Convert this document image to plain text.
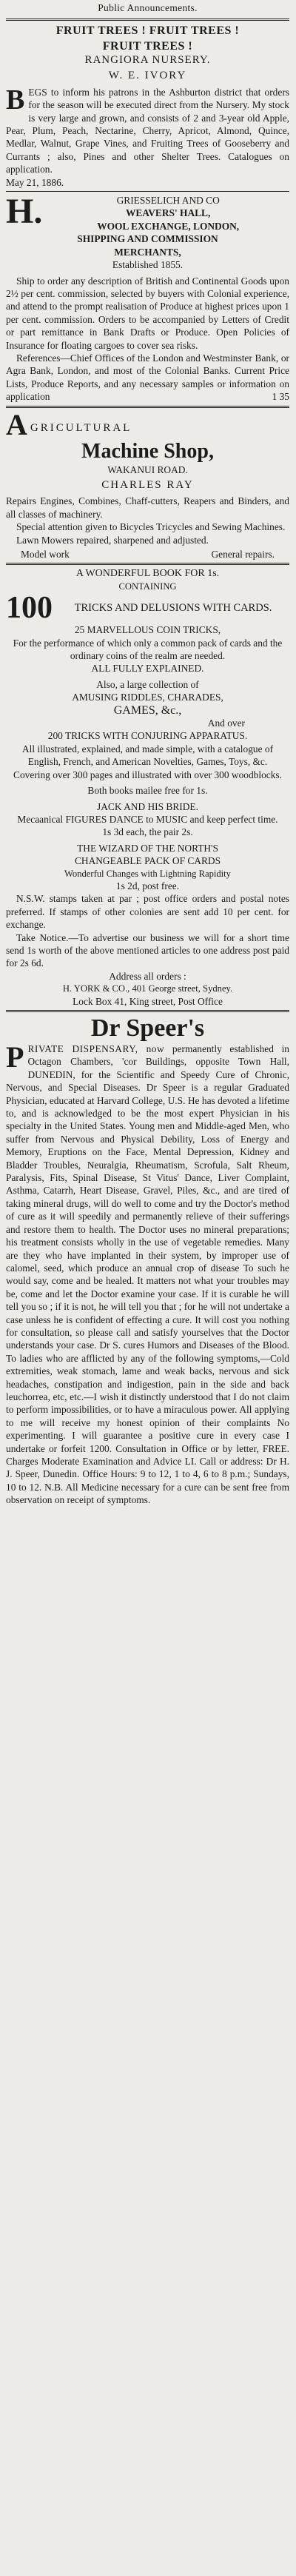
Public Announcements.
FRUIT TREES ! FRUIT TREES !
FRUIT TREES !
RANGIORA NURSERY.
W. E. IVORY
BEGS to inform his patrons in the Ashburton district that orders for the season will be executed direct from the Nursery. My stock is very large and grown, and consists of 2 and 3-year old Apple, Pear, Plum, Peach, Nectarine, Cherry, Apricot, Almond, Quince, Medlar, Walnut, Grape Vines, and Fruiting Trees of Gooseberry and Currants ; also, Pines and other Shelter Trees. Catalogues on application.
May 21, 1886.
H.	GRIESSELICH AND CO
WEAVERS' HALL,
WOOL EXCHANGE, LONDON,
SHIPPING AND COMMISSION
MERCHANTS,
Established 1855.
Ship to order any description of British and Continental Goods upon 2½ per cent. commission, selected by buyers with Colonial experience, and attend to the prompt realisation of Produce at highest prices upon 1 per cent. commission. Orders to be accompanied by Letters of Credit or part remittance in Bank Drafts or Produce. Open Policies of Insurance for floating cargoes to cover sea risks.
References—Chief Offices of the London and Westminster Bank, or Agra Bank, London, and most of the Colonial Banks. Current Price Lists, Produce Reports, and any necessary samples or information on application	1 35
A GRICULTURAL
Machine Shop,
WAKANUI ROAD.
CHARLES RAY
Repairs Engines, Combines, Chaff-cutters, Reapers and Binders, and all classes of machinery.
Special attention given to Bicycles Tricycles and Sewing Machines.
Lawn Mowers repaired, sharpened and adjusted.
Model work	General repairs.
A WONDERFUL BOOK FOR 1s.
CONTAINING
100	TRICKS AND DELUSIONS WITH CARDS.
25 MARVELLOUS COIN TRICKS,
For the performance of which only a common pack of cards and the ordinary coins of the realm are needed.
ALL FULLY EXPLAINED.
Also, a large collection of
AMUSING RIDDLES, CHARADES,
GAMES, &c.,
And over
200 TRICKS WITH CONJURING APPARATUS.
All illustrated, explained, and made simple, with a catalogue of English, French, and American Novelties, Games, Toys, &c.
Covering over 300 pages and illustrated with over 300 woodblocks.
Both books mailee free for 1s.
JACK AND HIS BRIDE.
Mecaanical FIGURES DANCE to MUSIC and keep perfect time.
1s 3d each, the pair 2s.
THE WIZARD OF THE NORTH'S
CHANGEABLE PACK OF CARDS
Wonderful Changes with Lightning Rapidity
1s 2d, post free.
N.S.W. stamps taken at par ; post office orders and postal notes preferred. If stamps of other colonies are sent add 10 per cent. for exchange.
Take Notice.—To advertise our business we will for a short time send 1s worth of the above mentioned articles to one address post paid for 2s 6d.
Address all orders :
H. YORK & CO., 401 George street, Sydney.
Lock Box 41, King street, Post Office
Dr Speer's
PRIVATE DISPENSARY, now permanently established in Octagon Chambers, 'cor Buildings, opposite Town Hall, DUNEDIN, for the Scientific and Speedy Cure of Chronic, Nervous, and Special Diseases. Dr Speer is a regular Graduated Physician, educated at Harvard College, U.S. He has devoted a lifetime to, and is acknowledged to be the most expert Physician in his specialty in the United States. Young men and Middle-aged Men, who suffer from Nervous and Physical Debility, Loss of Energy and Memory, Eruptions on the Face, Mental Depression, Kidney and Bladder Troubles, Neuralgia, Rheumatism, Scrofula, Salt Rheum, Paralysis, Fits, Spinal Disease, St Vitus' Dance, Liver Complaint, Asthma, Catarrh, Heart Disease, Gravel, Piles, &c., and are tired of taking mineral drugs, will do well to come and try the Doctor's method of cure as it will speedily and permanently relieve of their sufferings and restore them to health. The Doctor uses no mineral preparations; his treatment consists wholly in the use of vegetable remedies. Many are they who have implanted in their system, by improper use of calomel, seed, which produce an annual crop of disease To such he would say, come and be healed. It matters not what your troubles may be, come and let the Doctor examine your case. If it is curable he will tell you so ; if it is not, he will tell you that ; for he will not undertake a case unless he is confident of effecting a cure. It will cost you nothing for consultation, so please call and satisfy yourselves that the Doctor understands your case. Dr S. cures Humors and Diseases of the Blood. To ladies who are afflicted by any of the following symptoms,—Cold extremities, weak stomach, lame and weak backs, nervous and sick headaches, constipation and indigestion, pain in the side and back leuchorrea, etc, etc.—I wish it distinctly understood that I do not claim to perform impossibilities, or to have a miraculous power. All applying to me will receive my honest opinion of their complaints No experimenting. I will guarantee a positive cure in every case I undertake or forfeit 1200. Consultation in Office or by letter, FREE. Charges Moderate Examination and Advice LI. Call or address: Dr H. J. Speer, Dunedin. Office Hours: 9 to 12, 1 to 4, 6 to 8 p.m.; Sundays, 10 to 12. N.B. All Medicine necessary for a cure can be sent free from observation on receipt of symptoms.
